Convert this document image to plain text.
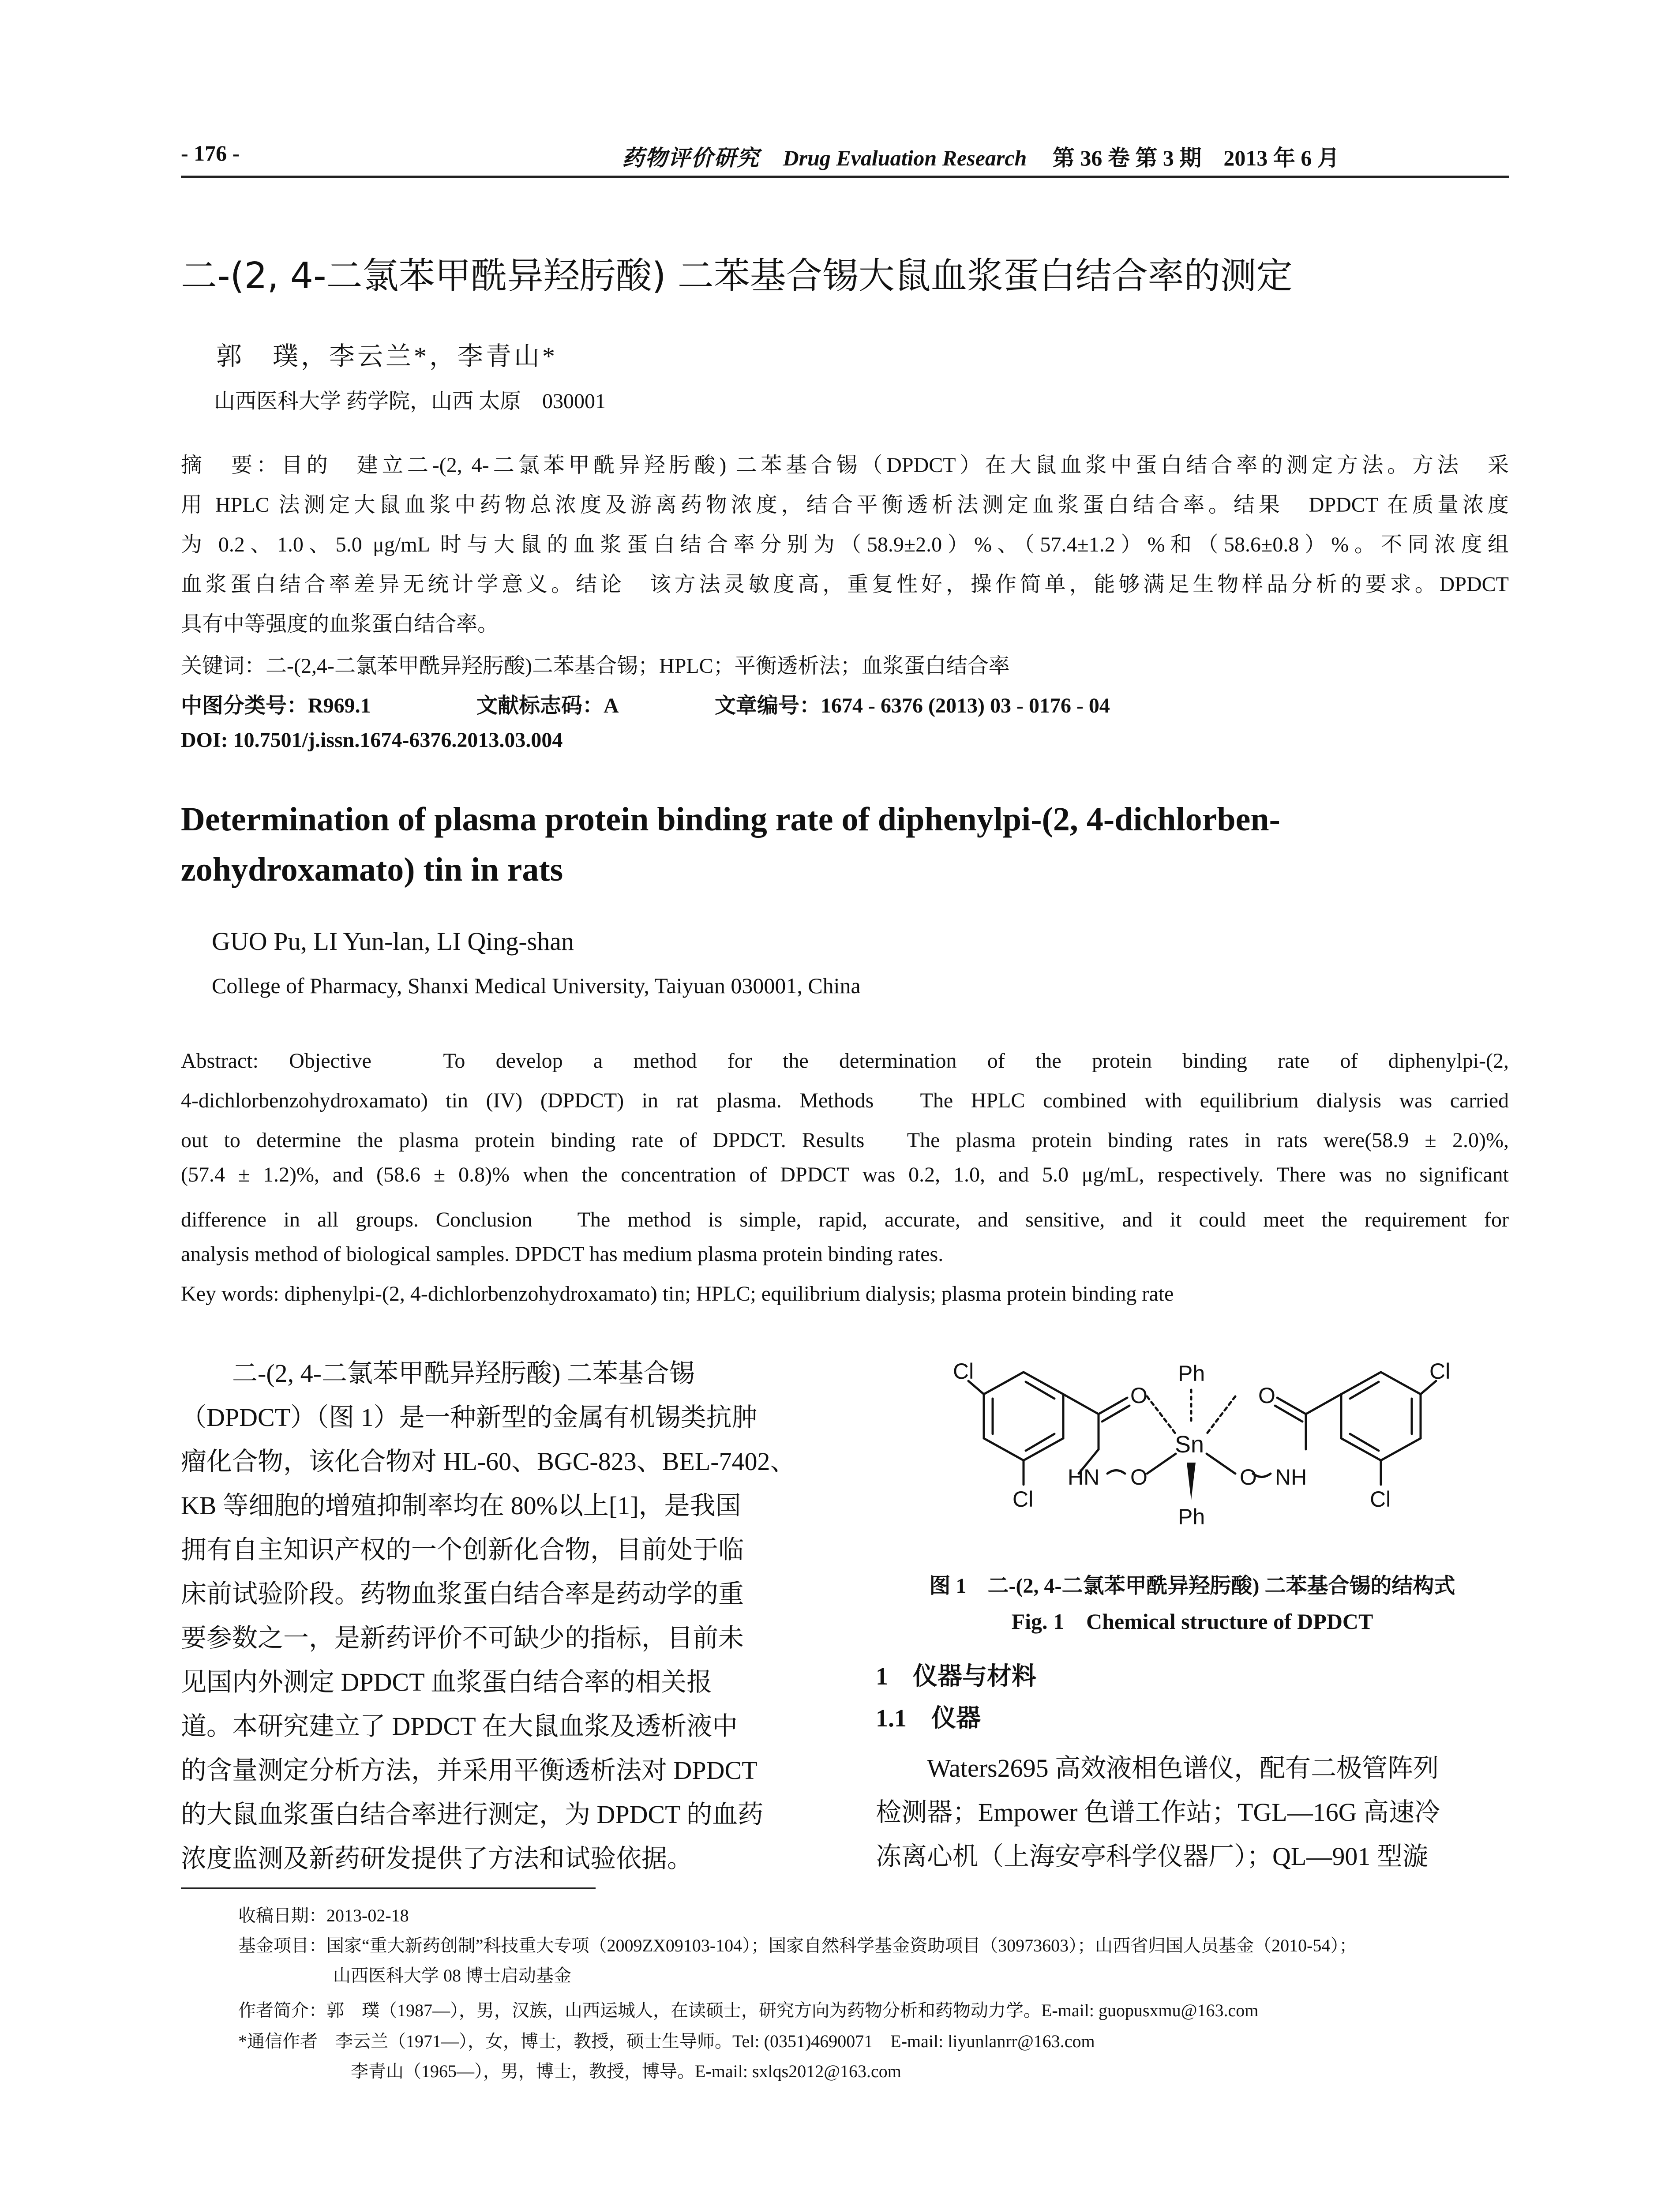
- 176 -	药物评价研究 Drug Evaluation Research 第 36 卷 第 3 期　2013 年 6 月
二-(2, 4-二氯苯甲酰异羟肟酸) 二苯基合锡大鼠血浆蛋白结合率的测定
郭　璞，李云兰*，李青山*
山西医科大学 药学院，山西 太原　030001
摘　要：目的　建立二-(2, 4-二氯苯甲酰异羟肟酸) 二苯基合锡（DPDCT）在大鼠血浆中蛋白结合率的测定方法。方法　采
用 HPLC 法测定大鼠血浆中药物总浓度及游离药物浓度，结合平衡透析法测定血浆蛋白结合率。结果　DPDCT 在质量浓度
为 0.2、1.0、5.0 μg/mL 时与大鼠的血浆蛋白结合率分别为（58.9±2.0）%、（57.4±1.2）%和（58.6±0.8）%。不同浓度组
血浆蛋白结合率差异无统计学意义。结论　该方法灵敏度高，重复性好，操作简单，能够满足生物样品分析的要求。DPDCT
具有中等强度的血浆蛋白结合率。
关键词：二-(2,4-二氯苯甲酰异羟肟酸)二苯基合锡；HPLC；平衡透析法；血浆蛋白结合率
中图分类号：R969.1	文献标志码：A	文章编号：1674 - 6376 (2013) 03 - 0176 - 04
DOI: 10.7501/j.issn.1674-6376.2013.03.004
Determination of plasma protein binding rate of diphenylpi-(2, 4-dichlorben-zohydroxamato) tin in rats
GUO Pu, LI Yun-lan, LI Qing-shan
College of Pharmacy, Shanxi Medical University, Taiyuan 030001, China
Abstract: Objective　To develop a method for the determination of the protein binding rate of diphenylpi-(2,
4-dichlorbenzohydroxamato) tin (IV) (DPDCT) in rat plasma. Methods　The HPLC combined with equilibrium dialysis was carried
out to determine the plasma protein binding rate of DPDCT. Results　The plasma protein binding rates in rats were(58.9 ± 2.0)%,
(57.4 ± 1.2)%, and (58.6 ± 0.8)% when the concentration of DPDCT was 0.2, 1.0, and 5.0 μg/mL, respectively. There was no significant
difference in all groups. Conclusion　The method is simple, rapid, accurate, and sensitive, and it could meet the requirement for
analysis method of biological samples. DPDCT has medium plasma protein binding rates.
Key words: diphenylpi-(2, 4-dichlorbenzohydroxamato) tin; HPLC; equilibrium dialysis; plasma protein binding rate
二-(2, 4-二氯苯甲酰异羟肟酸) 二苯基合锡
（DPDCT）（图 1）是一种新型的金属有机锡类抗肿
瘤化合物，该化合物对 HL-60、BGC-823、BEL-7402、
KB 等细胞的增殖抑制率均在 80%以上[1]，是我国
拥有自主知识产权的一个创新化合物，目前处于临
床前试验阶段。药物血浆蛋白结合率是药动学的重
要参数之一，是新药评价不可缺少的指标，目前未
见国内外测定 DPDCT 血浆蛋白结合率的相关报
道。本研究建立了 DPDCT 在大鼠血浆及透析液中
的含量测定分析方法，并采用平衡透析法对 DPDCT
的大鼠血浆蛋白结合率进行测定，为 DPDCT 的血药
浓度监测及新药研发提供了方法和试验依据。
Cl	Cl
Cl	Cl
Ph
Ph
Sn
O	O
O	O
HN	NH
图 1　二-(2, 4-二氯苯甲酰异羟肟酸) 二苯基合锡的结构式
Fig. 1　Chemical structure of DPDCT
1　仪器与材料
1.1　仪器
Waters2695 高效液相色谱仪，配有二极管阵列
检测器；Empower 色谱工作站；TGL—16G 高速冷
冻离心机（上海安亭科学仪器厂）；QL—901 型漩
收稿日期：2013-02-18
基金项目：国家“重大新药创制”科技重大专项（2009ZX09103-104）；国家自然科学基金资助项目（30973603）；山西省归国人员基金（2010-54）；
山西医科大学 08 博士启动基金
作者简介：郭　璞（1987—），男，汉族，山西运城人，在读硕士，研究方向为药物分析和药物动力学。E-mail: guopusxmu@163.com
*通信作者　李云兰（1971—），女，博士，教授，硕士生导师。Tel: (0351)4690071　E-mail: liyunlanrr@163.com
李青山（1965—），男，博士，教授，博导。E-mail: sxlqs2012@163.com
